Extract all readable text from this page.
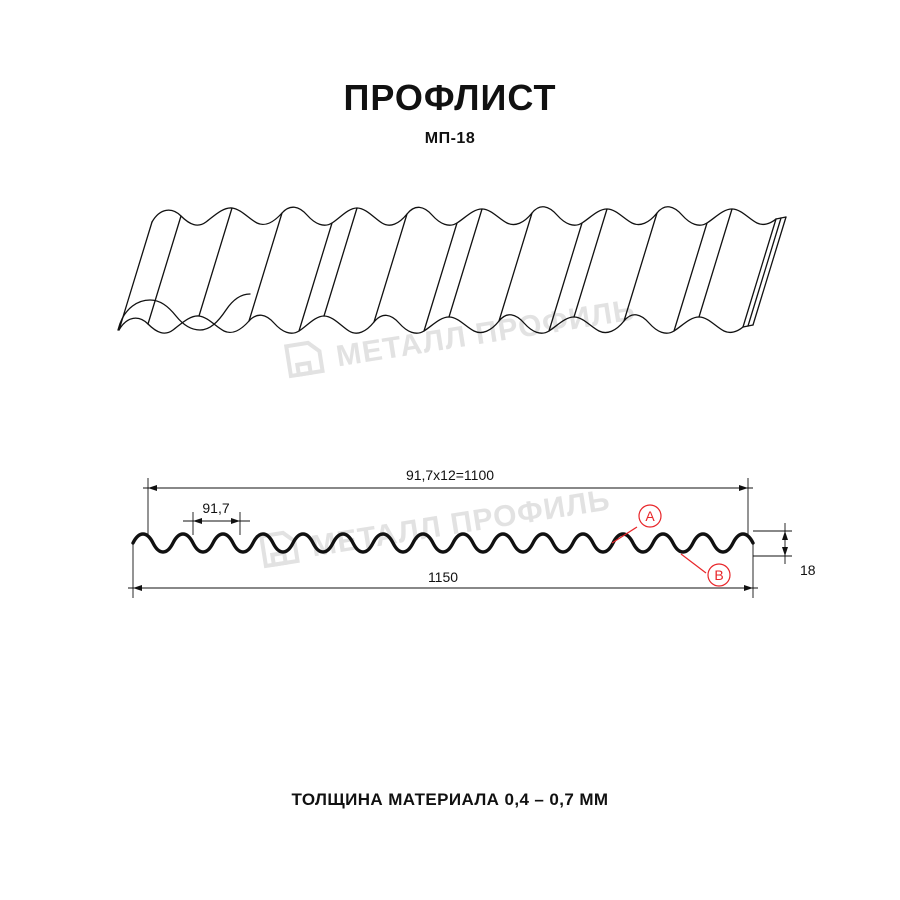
ПРОФЛИСТ
МП-18
МЕТАЛЛ ПРОФИЛЬ
МЕТАЛЛ ПРОФИЛЬ
91,7х12=1100
91,7
1150	18
A
B
ТОЛЩИНА МАТЕРИАЛА 0,4 – 0,7 ММ
